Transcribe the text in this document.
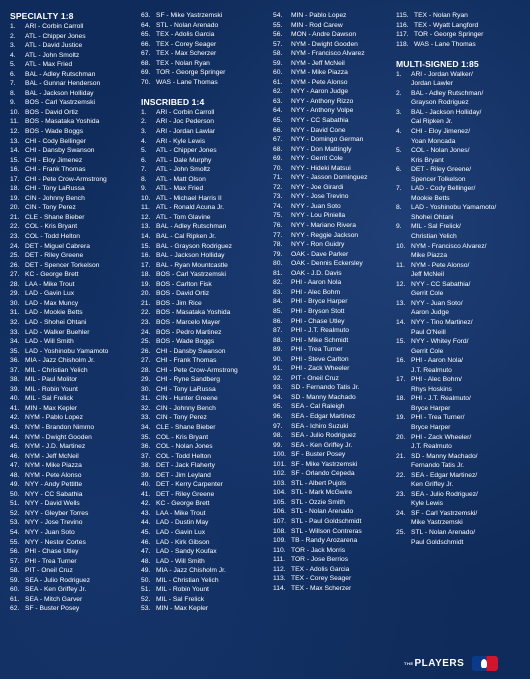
SPECIALTY 1:8
1. ARI - Corbin Carroll
2. ATL - Chipper Jones
3. ATL - David Justice
4. ATL - John Smoltz
5. ATL - Max Fried
6. BAL - Adley Rutschman
7. BAL - Gunnar Henderson
8. BAL - Jackson Holliday
9. BOS - Carl Yastrzemski
10. BOS - David Ortiz
11. BOS - Masataka Yoshida
12. BOS - Wade Boggs
13. CHI - Cody Bellinger
14. CHI - Dansby Swanson
15. CHI - Eloy Jimenez
16. CHI - Frank Thomas
17. CHI - Pete Crow-Armstrong
18. CHI - Tony LaRussa
19. CIN - Johnny Bench
20. CIN - Tony Perez
21. CLE - Shane Bieber
22. COL - Kris Bryant
23. COL - Todd Helton
24. DET - Miguel Cabrera
25. DET - Riley Greene
26. DET - Spencer Torkelson
27. KC - George Brett
28. LAA - Mike Trout
29. LAD - Gavin Lux
30. LAD - Max Muncy
31. LAD - Mookie Betts
32. LAD - Shohei Ohtani
33. LAD - Walker Buehler
34. LAD - Will Smith
35. LAD - Yoshinobu Yamamoto
36. MIA - Jazz Chisholm Jr.
37. MIL - Christian Yelich
38. MIL - Paul Molitor
39. MIL - Robin Yount
40. MIL - Sal Frelick
41. MIN - Max Kepler
42. NYM - Pablo Lopez
43. NYM - Brandon Nimmo
44. NYM - Dwight Gooden
45. NYM - J.D. Martinez
46. NYM - Jeff McNeil
47. NYM - Mike Piazza
48. NYM - Pete Alonso
49. NYY - Andy Pettitte
50. NYY - CC Sabathia
51. NYY - David Wells
52. NYY - Gleyber Torres
53. NYY - Jose Trevino
54. NYY - Juan Soto
55. NYY - Nestor Cortes
56. PHI - Chase Utley
57. PHI - Trea Turner
58. PIT - Oneil Cruz
59. SEA - Julio Rodriguez
60. SEA - Ken Griffey Jr.
61. SEA - Mitch Garver
62. SF - Buster Posey
63. SF - Mike Yastrzemski
64. STL - Nolan Arenado
65. TEX - Adolis Garcia
66. TEX - Corey Seager
67. TEX - Max Scherzer
68. TEX - Nolan Ryan
69. TOR - George Springer
70. WAS - Lane Thomas
INSCRIBED 1:4
1. ARI - Corbin Carroll
2. ARI - Joc Pederson
3. ARI - Jordan Lawlar
4. ARI - Kyle Lewis
5. ATL - Chipper Jones
6. ATL - Dale Murphy
7. ATL - John Smoltz
8. ATL - Matt Olson
9. ATL - Max Fried
10. ATL - Michael Harris II
11. ATL - Ronald Acuna Jr.
12. ATL - Tom Glavine
13. BAL - Adley Rutschman
14. BAL - Cal Ripken Jr.
15. BAL - Grayson Rodriguez
16. BAL - Jackson Holliday
17. BAL - Ryan Mountcastle
18. BOS - Carl Yastrzemski
19. BOS - Carlton Fisk
20. BOS - David Ortiz
21. BOS - Jim Rice
22. BOS - Masataka Yoshida
23. BOS - Marcelo Mayer
24. BOS - Pedro Martinez
25. BOS - Wade Boggs
26. CHI - Dansby Swanson
27. CHI - Frank Thomas
28. CHI - Pete Crow-Armstrong
29. CHI - Ryne Sandberg
30. CHI - Tony LaRussa
31. CIN - Hunter Greene
32. CIN - Johnny Bench
33. CIN - Tony Perez
34. CLE - Shane Bieber
35. COL - Kris Bryant
36. COL - Nolan Jones
37. COL - Todd Helton
38. DET - Jack Flaherty
39. DET - Jim Leyland
40. DET - Kerry Carpenter
41. DET - Riley Greene
42. KC - George Brett
43. LAA - Mike Trout
44. LAD - Dustin May
45. LAD - Gavin Lux
46. LAD - Kirk Gibson
47. LAD - Sandy Koufax
48. LAD - Will Smith
49. MIA - Jazz Chisholm Jr.
50. MIL - Christian Yelich
51. MIL - Robin Yount
52. MIL - Sal Frelick
53. MIN - Max Kepler
54. MIN - Pablo Lopez
55. MIN - Rod Carew
56. MON - Andre Dawson
57. NYM - Dwight Gooden
58. NYM - Francisco Alvarez
59. NYM - Jeff McNeil
60. NYM - Mike Piazza
61. NYM - Pete Alonso
62. NYY - Aaron Judge
63. NYY - Anthony Rizzo
64. NYY - Anthony Volpe
65. NYY - CC Sabathia
66. NYY - David Cone
67. NYY - Domingo German
68. NYY - Don Mattingly
69. NYY - Gerrit Cole
70. NYY - Hideki Matsui
71. NYY - Jasson Dominguez
72. NYY - Joe Girardi
73. NYY - Jose Trevino
74. NYY - Juan Soto
75. NYY - Lou Piniella
76. NYY - Mariano Rivera
77. NYY - Reggie Jackson
78. NYY - Ron Guidry
79. OAK - Dave Parker
80. OAK - Dennis Eckersley
81. OAK - J.D. Davis
82. PHI - Aaron Nola
83. PHI - Alec Bohm
84. PHI - Bryce Harper
85. PHI - Bryson Stott
86. PHI - Chase Utley
87. PHI - J.T. Realmuto
88. PHI - Mike Schmidt
89. PHI - Trea Turner
90. PHI - Steve Carlton
91. PHI - Zack Wheeler
92. PIT - Oneil Cruz
93. SD - Fernando Tatis Jr.
94. SD - Manny Machado
95. SEA - Cal Raleigh
96. SEA - Edgar Martinez
97. SEA - Ichiro Suzuki
98. SEA - Julio Rodriguez
99. SEA - Ken Griffey Jr.
100. SF - Buster Posey
101. SF - Mike Yastrzemski
102. SF - Orlando Cepeda
103. STL - Albert Pujols
104. STL - Mark McGwire
105. STL - Ozzie Smith
106. STL - Nolan Arenado
107. STL - Paul Goldschmidt
108. STL - Willson Contreras
109. TB - Randy Arozarena
110. TOR - Jack Morris
111. TOR - Jose Berrios
112. TEX - Adolis Garcia
113. TEX - Corey Seager
114. TEX - Max Scherzer
115. TEX - Nolan Ryan
116. TEX - Wyatt Langford
117. TOR - George Springer
118. WAS - Lane Thomas
MULTI-SIGNED 1:85
1. ARI - Jordan Walker/
Jordan Lawler
2. BAL - Adley Rutschman/
Grayson Rodriguez
3. BAL - Jackson Holliday/
Cal Ripken Jr.
4. CHI - Eloy Jimenez/
Yoan Moncada
5. COL - Nolan Jones/
Kris Bryant
6. DET - Riley Greene/
Spencer Tolkelson
7. LAD - Cody Bellinger/
Mookie Betts
8. LAD - Yoshinobu Yamamoto/
Shohei Ohtani
9. MIL - Sal Frelick/
Christian Yelich
10. NYM - Francisco Alvarez/
Mike Piazza
11. NYM - Pete Alonso/
Jeff McNeil
12. NYY - CC Sabathia/
Gerrit Cole
13. NYY - Juan Soto/
Aaron Judge
14. NYY - Tino Martinez/
Paul O'Neill
15. NYY - Whitey Ford/
Gerrit Cole
16. PHI - Aaron Nola/
J.T. Realmuto
17. PHI - Alec Bohm/
Rhys Hoskins
18. PHI - J.T. Realmuto/
Bryce Harper
19. PHI - Trea Turner/
Bryce Harper
20. PHI - Zack Wheeler/
J.T. Realmuto
21. SD - Manny Machado/
Fernando Tatis Jr.
22. SEA - Edgar Martinez/
Ken Griffey Jr.
23. SEA - Julio Rodriguez/
Kyle Lewis
24. SF - Carl Yastrzemski/
Mike Yastrzemski
25. STL - Nolan Arenado/
Paul Goldschmidt
THE PLAYERS
